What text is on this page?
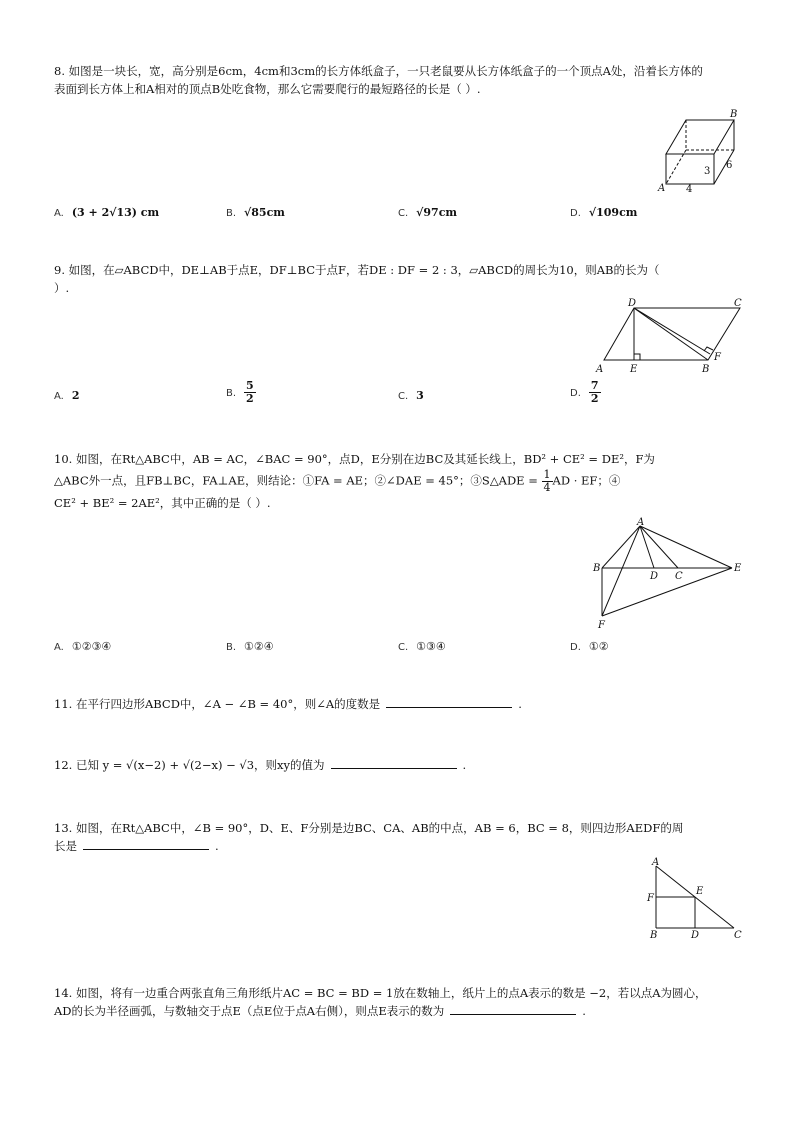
8. 如图是一块长，宽，高分别是6cm，4cm和3cm的长方体纸盒子，一只老鼠要从长方体纸盒子的一个顶点A处，沿着长方体的
表面到长方体上和A相对的顶点B处吃食物，那么它需要爬行的最短路径的长是（ ）.
B
A
6
3
4
A. (3 + 2√13) cm	B. √85cm	C. √97cm	D. √109cm
9. 如图，在▱ABCD中，DE⊥AB于点E，DF⊥BC于点F，若DE : DF = 2 : 3，▱ABCD的周长为10，则AB的长为（
）.
D	C
A	E	B
F
A. 2	B. $\frac{5}{2}$	C. 3	D. $\frac{7}{2}$
10. 如图，在Rt△ABC中，AB = AC，∠BAC = 90°，点D，E分别在边BC及其延长线上，BD² + CE² = DE²，F为
△ABC外一点，且FB⊥BC，FA⊥AE，则结论：①FA = AE；②∠DAE = 45°；③S△ADE = $\frac{1}{4}$ AD · EF；④
CE² + BE² = 2AE²，其中正确的是（ ）.
A
B
D C
E
F
A. ①②③④	B. ①②④	C. ①③④	D. ①②
11. 在平行四边形ABCD中，∠A − ∠B = 40°，则∠A的度数是	.
12. 已知 y = √(x−2) + √(2−x) − √3，则xy的值为	.
13. 如图，在Rt△ABC中，∠B = 90°，D、E、F分别是边BC、CA、AB的中点，AB = 6，BC = 8，则四边形AEDF的周
长是	.
A
F
E
B	D	C
14. 如图，将有一边重合两张直角三角形纸片AC = BC = BD = 1放在数轴上，纸片上的点A表示的数是 −2，若以点A为圆心，
AD的长为半径画弧，与数轴交于点E（点E位于点A右侧），则点E表示的数为	.
